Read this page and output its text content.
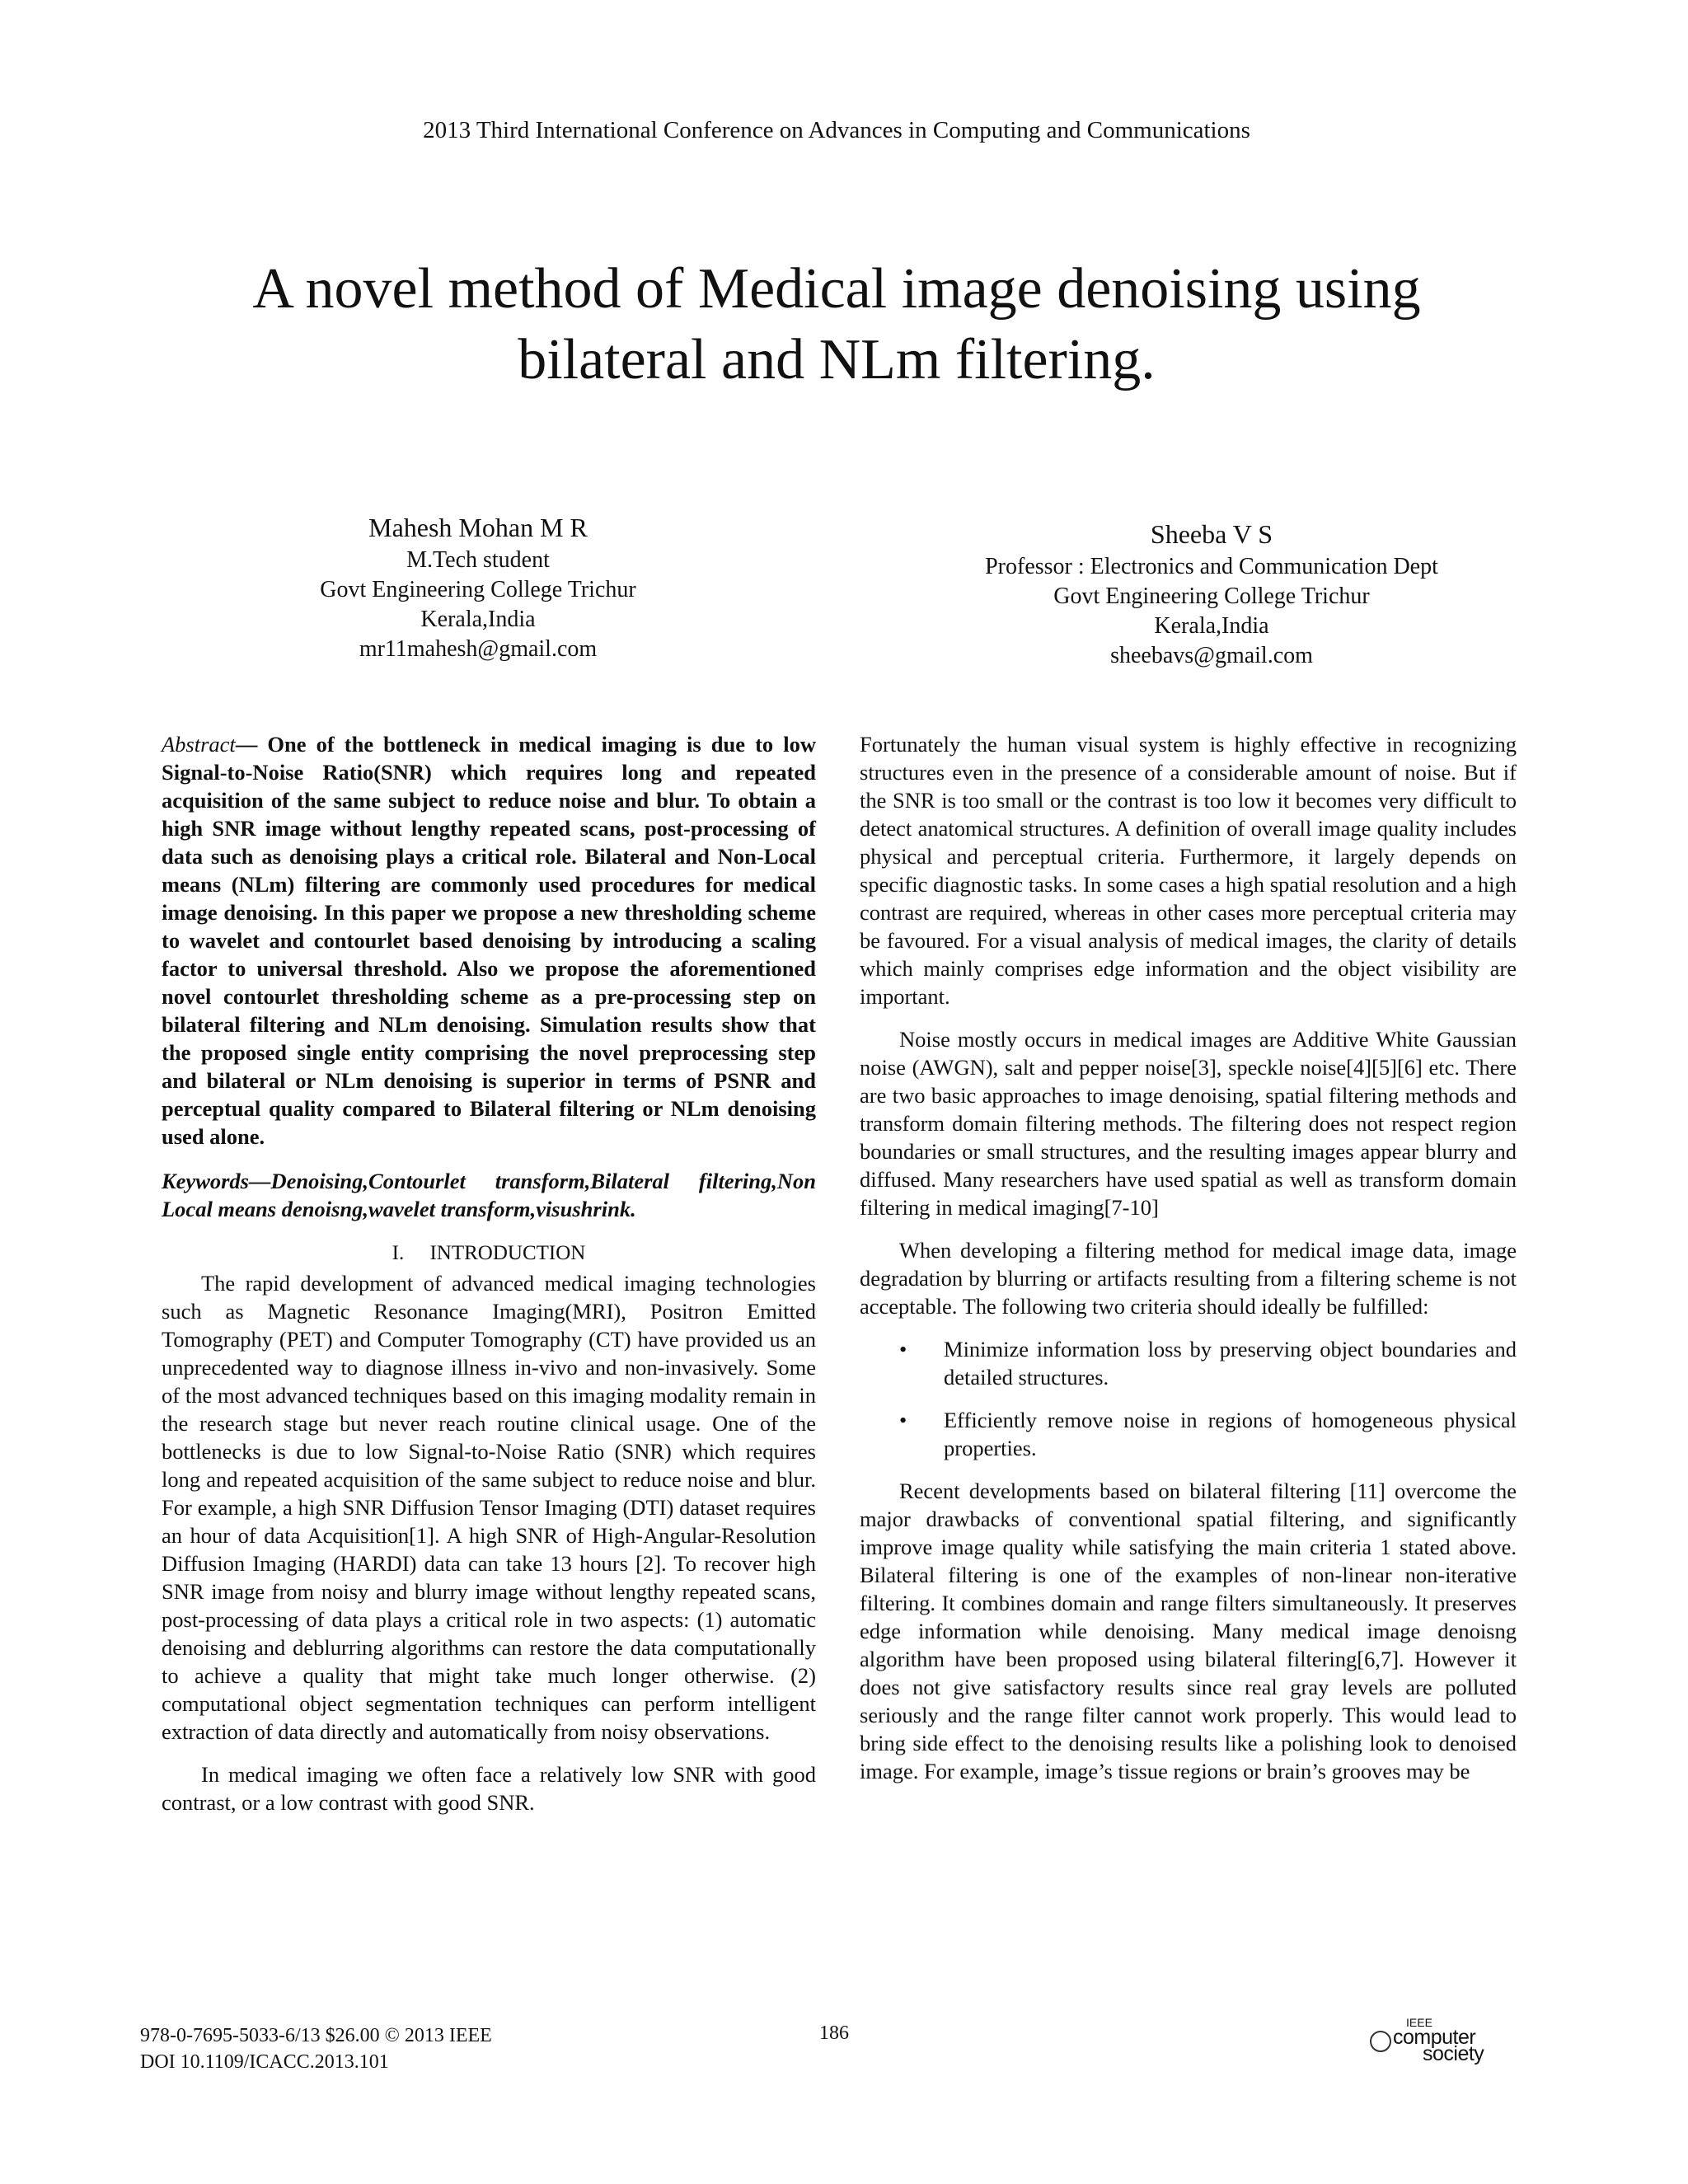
2013 Third International Conference on Advances in Computing and Communications
A novel method of Medical image denoising using
bilateral and NLm filtering.
Mahesh Mohan M R
M.Tech student
Govt Engineering College Trichur
Kerala,India
mr11mahesh@gmail.com
Sheeba V S
Professor : Electronics and Communication Dept
Govt Engineering College Trichur
Kerala,India
sheebavs@gmail.com

Abstract— One of the bottleneck in medical imaging is due to low Signal-to-Noise Ratio(SNR) which requires long and repeated acquisition of the same subject to reduce noise and blur. To obtain a high SNR image without lengthy repeated scans, post-processing of data such as denoising plays a critical role. Bilateral and Non-Local means (NLm) filtering are commonly used procedures for medical image denoising. In this paper we propose a new thresholding scheme to wavelet and contourlet based denoising by introducing a scaling factor to universal threshold. Also we propose the aforementioned novel contourlet thresholding scheme as a pre-processing step on bilateral filtering and NLm denoising. Simulation results show that the proposed single entity comprising the novel preprocessing step and bilateral or NLm denoising is superior in terms of PSNR and perceptual quality compared to Bilateral filtering or NLm denoising used alone.

Keywords—Denoising,Contourlet transform,Bilateral filtering,Non Local means denoisng,wavelet transform,visushrink.

I. INTRODUCTION

The rapid development of advanced medical imaging technologies such as Magnetic Resonance Imaging(MRI), Positron Emitted Tomography (PET) and Computer Tomography (CT) have provided us an unprecedented way to diagnose illness in-vivo and non-invasively. Some of the most advanced techniques based on this imaging modality remain in the research stage but never reach routine clinical usage. One of the bottlenecks is due to low Signal-to-Noise Ratio (SNR) which requires long and repeated acquisition of the same subject to reduce noise and blur. For example, a high SNR Diffusion Tensor Imaging (DTI) dataset requires an hour of data Acquisition[1]. A high SNR of High-Angular-Resolution Diffusion Imaging (HARDI) data can take 13 hours [2]. To recover high SNR image from noisy and blurry image without lengthy repeated scans, post-processing of data plays a critical role in two aspects: (1) automatic denoising and deblurring algorithms can restore the data computationally to achieve a quality that might take much longer otherwise. (2) computational object segmentation techniques can perform intelligent extraction of data directly and automatically from noisy observations.

In medical imaging we often face a relatively low SNR with good contrast, or a low contrast with good SNR.

Fortunately the human visual system is highly effective in recognizing structures even in the presence of a considerable amount of noise. But if the SNR is too small or the contrast is too low it becomes very difficult to detect anatomical structures. A definition of overall image quality includes physical and perceptual criteria. Furthermore, it largely depends on specific diagnostic tasks. In some cases a high spatial resolution and a high contrast are required, whereas in other cases more perceptual criteria may be favoured. For a visual analysis of medical images, the clarity of details which mainly comprises edge information and the object visibility are important.

Noise mostly occurs in medical images are Additive White Gaussian noise (AWGN), salt and pepper noise[3], speckle noise[4][5][6] etc. There are two basic approaches to image denoising, spatial filtering methods and transform domain filtering methods. The filtering does not respect region boundaries or small structures, and the resulting images appear blurry and diffused. Many researchers have used spatial as well as transform domain filtering in medical imaging[7-10]

When developing a filtering method for medical image data, image degradation by blurring or artifacts resulting from a filtering scheme is not acceptable. The following two criteria should ideally be fulfilled:

• Minimize information loss by preserving object boundaries and detailed structures.
• Efficiently remove noise in regions of homogeneous physical properties.

Recent developments based on bilateral filtering [11] overcome the major drawbacks of conventional spatial filtering, and significantly improve image quality while satisfying the main criteria 1 stated above. Bilateral filtering is one of the examples of non-linear non-iterative filtering. It combines domain and range filters simultaneously. It preserves edge information while denoising. Many medical image denoisng algorithm have been proposed using bilateral filtering[6,7]. However it does not give satisfactory results since real gray levels are polluted seriously and the range filter cannot work properly. This would lead to bring side effect to the denoising results like a polishing look to denoised image. For example, image’s tissue regions or brain’s grooves may be

978-0-7695-5033-6/13 $26.00 © 2013 IEEE
DOI 10.1109/ICACC.2013.101
186	IEEE
computer
society
